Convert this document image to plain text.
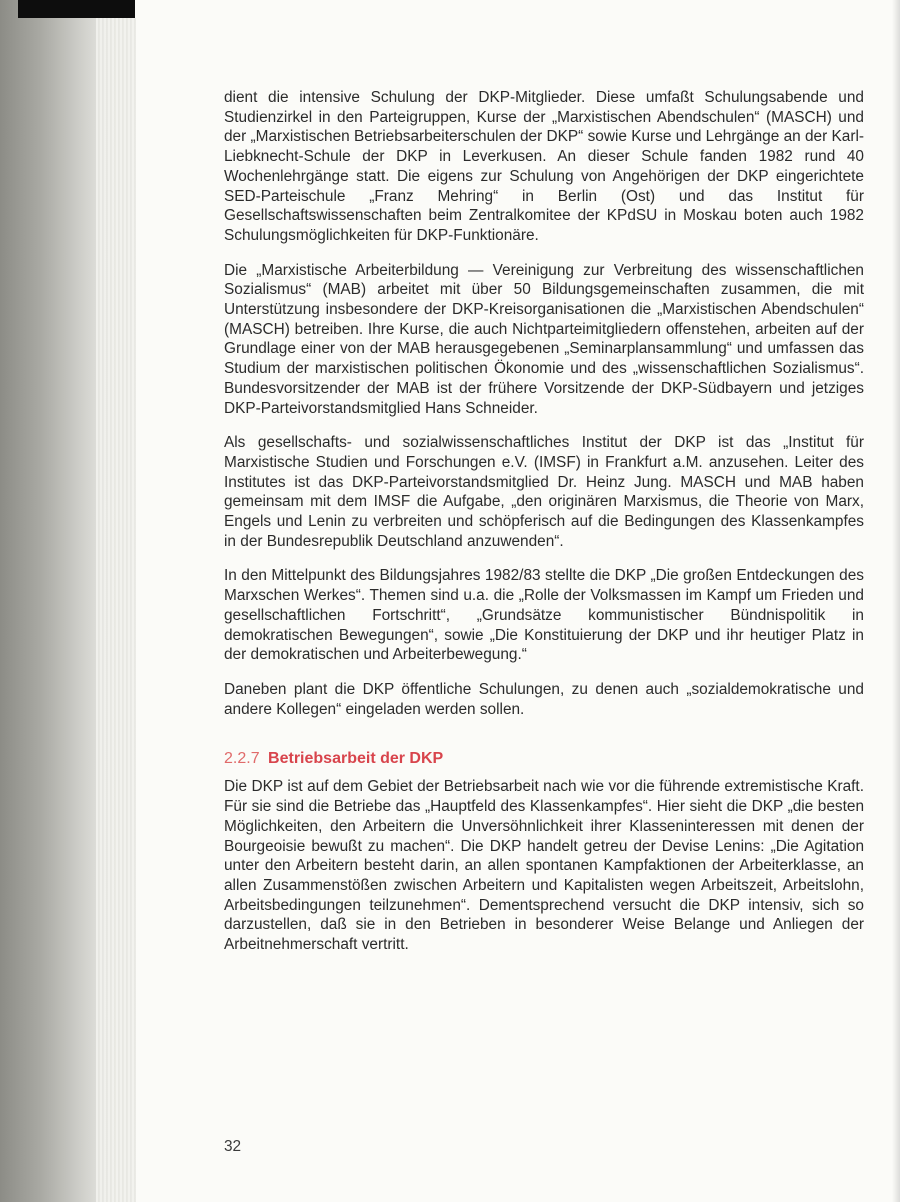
dient die intensive Schulung der DKP-Mitglieder. Diese umfaßt Schulungsabende und Studienzirkel in den Parteigruppen, Kurse der „Marxistischen Abendschulen“ (MASCH) und der „Marxistischen Betriebsarbeiterschulen der DKP“ sowie Kurse und Lehrgänge an der Karl-Liebknecht-Schule der DKP in Leverkusen. An dieser Schule fanden 1982 rund 40 Wochenlehrgänge statt. Die eigens zur Schulung von Angehörigen der DKP eingerichtete SED-Parteischule „Franz Mehring“ in Berlin (Ost) und das Institut für Gesellschaftswissenschaften beim Zentralkomitee der KPdSU in Moskau boten auch 1982 Schulungsmöglichkeiten für DKP-Funktionäre.

Die „Marxistische Arbeiterbildung — Vereinigung zur Verbreitung des wissenschaftlichen Sozialismus“ (MAB) arbeitet mit über 50 Bildungsgemeinschaften zusammen, die mit Unterstützung insbesondere der DKP-Kreisorganisationen die „Marxistischen Abendschulen“ (MASCH) betreiben. Ihre Kurse, die auch Nichtparteimitgliedern offenstehen, arbeiten auf der Grundlage einer von der MAB herausgegebenen „Seminarplansammlung“ und umfassen das Studium der marxistischen politischen Ökonomie und des „wissenschaftlichen Sozialismus“. Bundesvorsitzender der MAB ist der frühere Vorsitzende der DKP-Südbayern und jetziges DKP-Parteivorstandsmitglied Hans Schneider.

Als gesellschafts- und sozialwissenschaftliches Institut der DKP ist das „Institut für Marxistische Studien und Forschungen e.V. (IMSF) in Frankfurt a.M. anzusehen. Leiter des Institutes ist das DKP-Parteivorstandsmitglied Dr. Heinz Jung. MASCH und MAB haben gemeinsam mit dem IMSF die Aufgabe, „den originären Marxismus, die Theorie von Marx, Engels und Lenin zu verbreiten und schöpferisch auf die Bedingungen des Klassenkampfes in der Bundesrepublik Deutschland anzuwenden“.

In den Mittelpunkt des Bildungsjahres 1982/83 stellte die DKP „Die großen Entdeckungen des Marxschen Werkes“. Themen sind u.a. die „Rolle der Volksmassen im Kampf um Frieden und gesellschaftlichen Fortschritt“, „Grundsätze kommunistischer Bündnispolitik in demokratischen Bewegungen“, sowie „Die Konstituierung der DKP und ihr heutiger Platz in der demokratischen und Arbeiterbewegung.“

Daneben plant die DKP öffentliche Schulungen, zu denen auch „sozialdemokratische und andere Kollegen“ eingeladen werden sollen.

2.2.7 Betriebsarbeit der DKP

Die DKP ist auf dem Gebiet der Betriebsarbeit nach wie vor die führende extremistische Kraft. Für sie sind die Betriebe das „Hauptfeld des Klassenkampfes“. Hier sieht die DKP „die besten Möglichkeiten, den Arbeitern die Unversöhnlichkeit ihrer Klasseninteressen mit denen der Bourgeoisie bewußt zu machen“. Die DKP handelt getreu der Devise Lenins: „Die Agitation unter den Arbeitern besteht darin, an allen spontanen Kampfaktionen der Arbeiterklasse, an allen Zusammenstößen zwischen Arbeitern und Kapitalisten wegen Arbeitszeit, Arbeitslohn, Arbeitsbedingungen teilzunehmen“. Dementsprechend versucht die DKP intensiv, sich so darzustellen, daß sie in den Betrieben in besonderer Weise Belange und Anliegen der Arbeitnehmerschaft vertritt.

32
